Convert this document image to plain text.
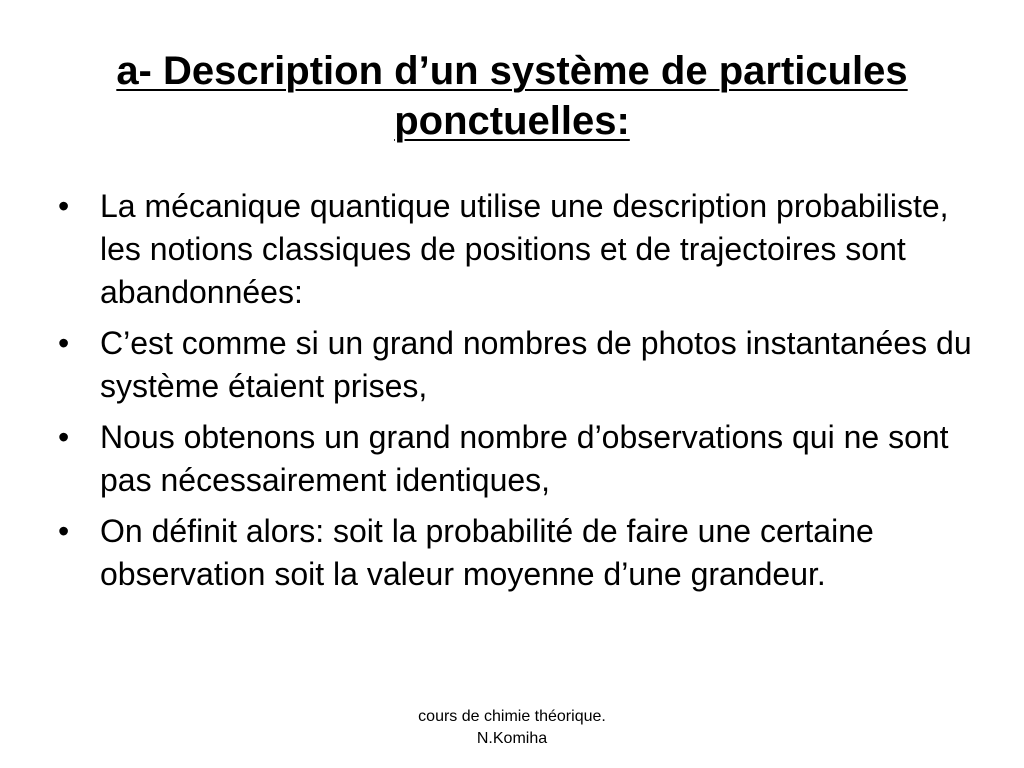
a- Description d’un système de particules ponctuelles:
• La mécanique quantique utilise une description probabiliste, les notions classiques de positions et de trajectoires sont abandonnées:
• C’est comme si un grand nombres de photos instantanées du système étaient prises,
• Nous obtenons un grand nombre d’observations qui ne sont pas nécessairement identiques,
• On définit alors: soit la probabilité de faire une certaine observation soit la valeur moyenne d’une grandeur.
cours de chimie théorique.
N.Komiha
